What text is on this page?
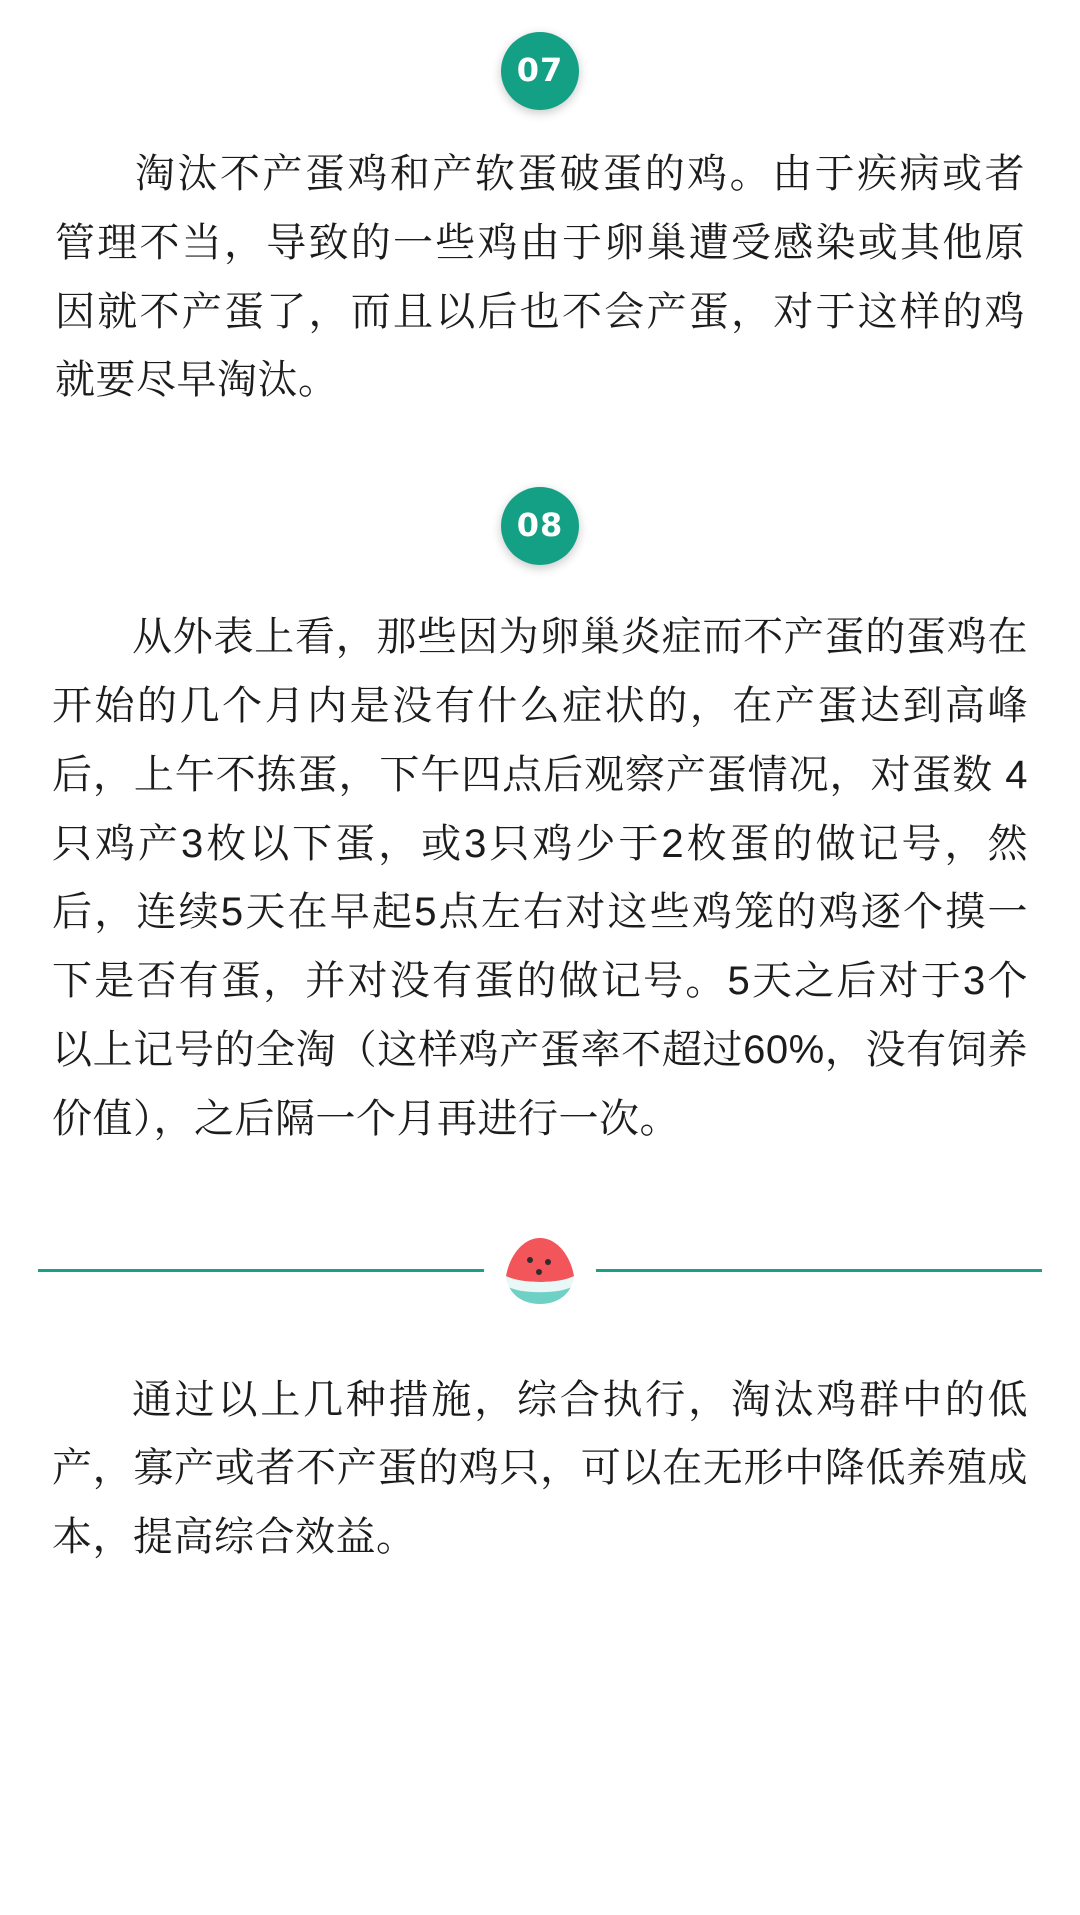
07

淘汰不产蛋鸡和产软蛋破蛋的鸡。由于疾病或者管理不当，导致的一些鸡由于卵巢遭受感染或其他原因就不产蛋了，而且以后也不会产蛋，对于这样的鸡就要尽早淘汰。

08

从外表上看，那些因为卵巢炎症而不产蛋的蛋鸡在开始的几个月内是没有什么症状的，在产蛋达到高峰后，上午不拣蛋，下午四点后观察产蛋情况，对蛋数 4只鸡产3枚以下蛋，或3只鸡少于2枚蛋的做记号，然后，连续5天在早起5点左右对这些鸡笼的鸡逐个摸一下是否有蛋，并对没有蛋的做记号。5天之后对于3个以上记号的全淘（这样鸡产蛋率不超过60%，没有饲养价值），之后隔一个月再进行一次。

通过以上几种措施，综合执行，淘汰鸡群中的低产，寡产或者不产蛋的鸡只，可以在无形中降低养殖成本，提高综合效益。
